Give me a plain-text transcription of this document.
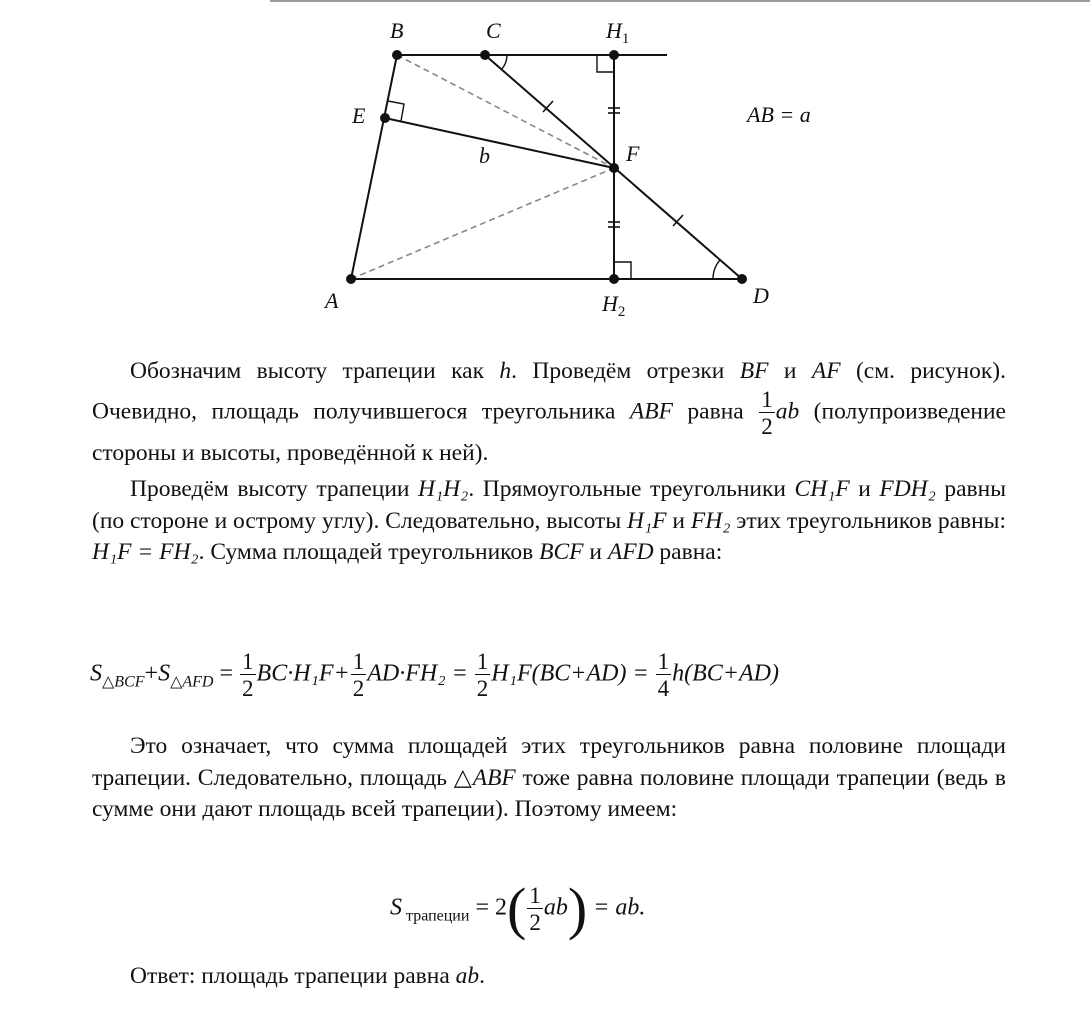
B	C	$H_1$
E
F
b
A	$H_2$
D
AB = a

Обозначим высоту трапеции как h. Проведём отрезки BF и AF (см. рисунок). Очевидно, площадь получившегося треугольника ABF равна $\frac{1}{2}$ ab (полупроизведение стороны и высоты, проведённой к ней).

Проведём высоту трапеции H₁H₂. Прямоугольные треугольники CH₁F и FDH₂ равны (по стороне и острому углу). Следовательно, высоты H₁F и FH₂ этих треугольников равны: H₁F = FH₂. Сумма площадей треугольников BCF и AFD равна:

$S_{\triangle BCF}+S_{\triangle AFD} = \frac{1}{2} BC\cdot H_1F+ \frac{1}{2} AD\cdot FH_2 = \frac{1}{2} H_1F(BC+AD) = \frac{1}{4} h(BC+AD)$

Это означает, что сумма площадей этих треугольников равна половине площади трапеции. Следовательно, площадь △ABF тоже равна половине площади трапеции (ведь в сумме они дают площадь всей трапеции). Поэтому имеем:

S $_{трапеции} = 2( \frac{1}{2} ab)$ = ab.

Ответ: площадь трапеции равна ab.
